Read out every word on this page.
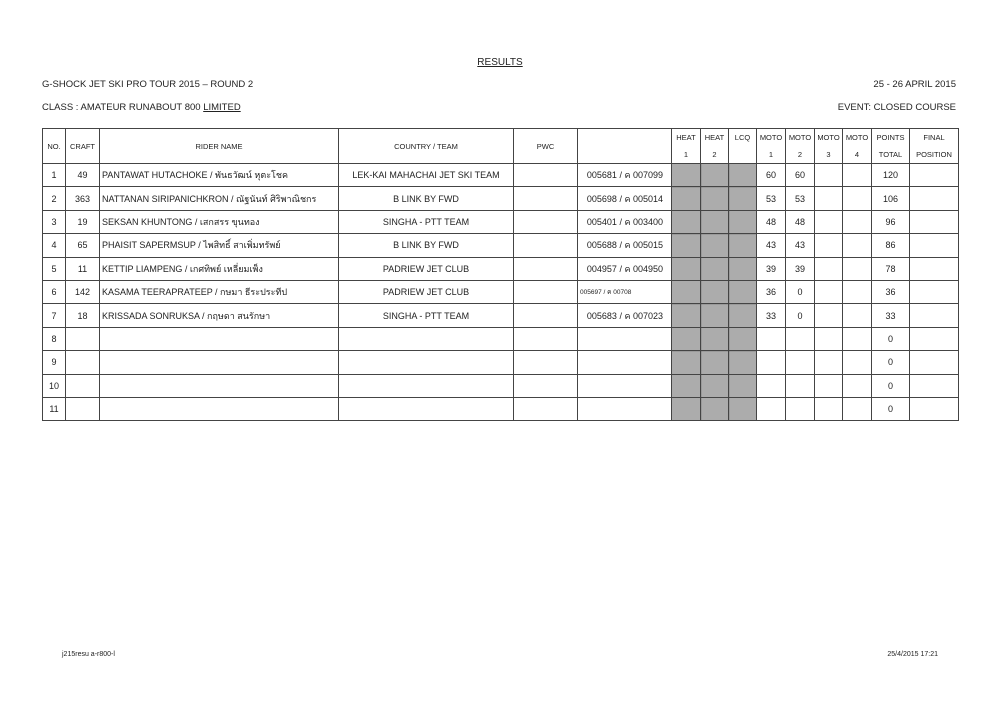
RESULTS
G-SHOCK JET SKI PRO TOUR 2015 – ROUND 2	25 - 26 APRIL 2015
CLASS : AMATEUR RUNABOUT 800 LIMITED	EVENT: CLOSED COURSE
NO.	CRAFT	RIDER NAME	COUNTRY / TEAM	PWC		HEAT	HEAT	LCQ	MOTO	MOTO	MOTO	MOTO	POINTS	FINAL
						1	2		1	2	3	4	TOTAL	POSITION
1	49	PANTAWAT HUTACHOKE / พันธวัฒน์ หุตะโชค	LEK-KAI MAHACHAI JET SKI TEAM		005681 / ค 007099				60	60			120	
2	363	NATTANAN SIRIPANICHKRON / ณัฐนันท์ ศิริพาณิชกร	B LINK BY FWD		005698 / ค 005014				53	53			106	
3	19	SEKSAN KHUNTONG / เสกสรร ขุนทอง	SINGHA - PTT TEAM		005401 / ค 003400				48	48			96	
4	65	PHAISIT SAPERMSUP / ไพสิทธิ์ สาเพิ่มทรัพย์	B LINK BY FWD		005688 / ค 005015				43	43			86	
5	11	KETTIP LIAMPENG / เกศทิพย์ เหลี่ยมเพ็ง	PADRIEW JET CLUB		004957 / ค 004950				39	39			78	
6	142	KASAMA TEERAPRATEEP / กษมา ธีระประทีป	PADRIEW JET CLUB		005697 / ค 00708				36	0			36	
7	18	KRISSADA SONRUKSA / กฤษดา สนรักษา	SINGHA - PTT TEAM		005683 / ค 007023				33	0			33	
8													0	
9													0	
10													0	
11													0	
j215resu a-r800-l	25/4/2015 17:21
